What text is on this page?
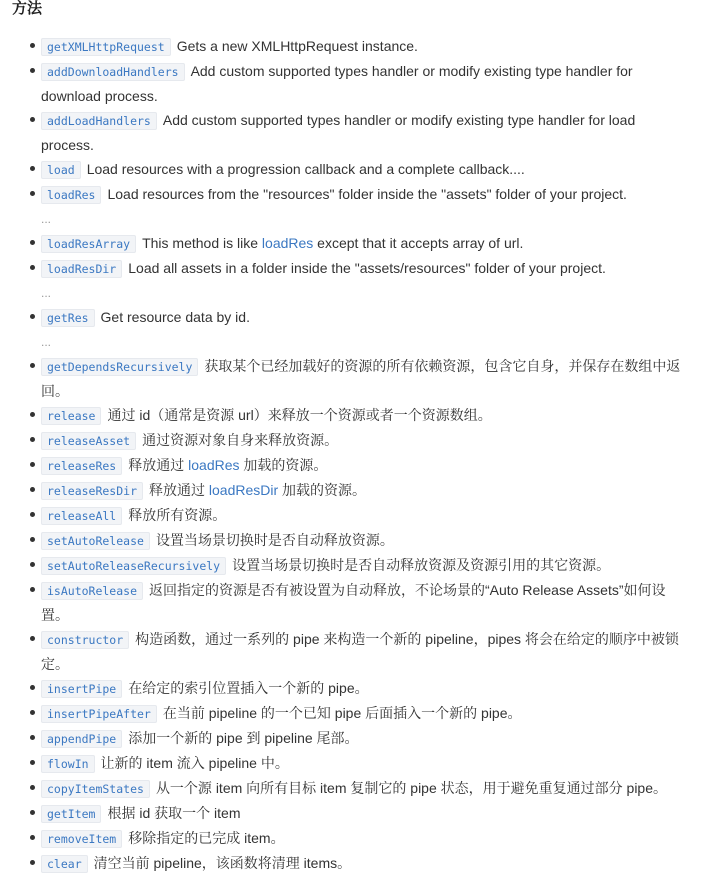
方法
getXMLHttpRequest Gets a new XMLHttpRequest instance.
addDownloadHandlers Add custom supported types handler or modify existing type handler for
download process.
addLoadHandlers Add custom supported types handler or modify existing type handler for load
process.
load Load resources with a progression callback and a complete callback....
loadRes Load resources from the "resources" folder inside the "assets" folder of your project.
...
loadResArray This method is like loadRes except that it accepts array of url.
loadResDir Load all assets in a folder inside the "assets/resources" folder of your project.
...
getRes Get resource data by id.
...
getDependsRecursively 获取某个已经加载好的资源的所有依赖资源，包含它自身，并保存在数组中返
回。
release 通过 id（通常是资源 url）来释放一个资源或者一个资源数组。
releaseAsset 通过资源对象自身来释放资源。
releaseRes 释放通过 loadRes 加载的资源。
releaseResDir 释放通过 loadResDir 加载的资源。
releaseAll 释放所有资源。
setAutoRelease 设置当场景切换时是否自动释放资源。
setAutoReleaseRecursively 设置当场景切换时是否自动释放资源及资源引用的其它资源。
isAutoRelease 返回指定的资源是否有被设置为自动释放，不论场景的“Auto Release Assets”如何设
置。
constructor 构造函数，通过一系列的 pipe 来构造一个新的 pipeline，pipes 将会在给定的顺序中被锁
定。
insertPipe 在给定的索引位置插入一个新的 pipe。
insertPipeAfter 在当前 pipeline 的一个已知 pipe 后面插入一个新的 pipe。
appendPipe 添加一个新的 pipe 到 pipeline 尾部。
flowIn 让新的 item 流入 pipeline 中。
copyItemStates 从一个源 item 向所有目标 item 复制它的 pipe 状态，用于避免重复通过部分 pipe。
getItem 根据 id 获取一个 item
removeItem 移除指定的已完成 item。
clear 清空当前 pipeline，该函数将清理 items。
